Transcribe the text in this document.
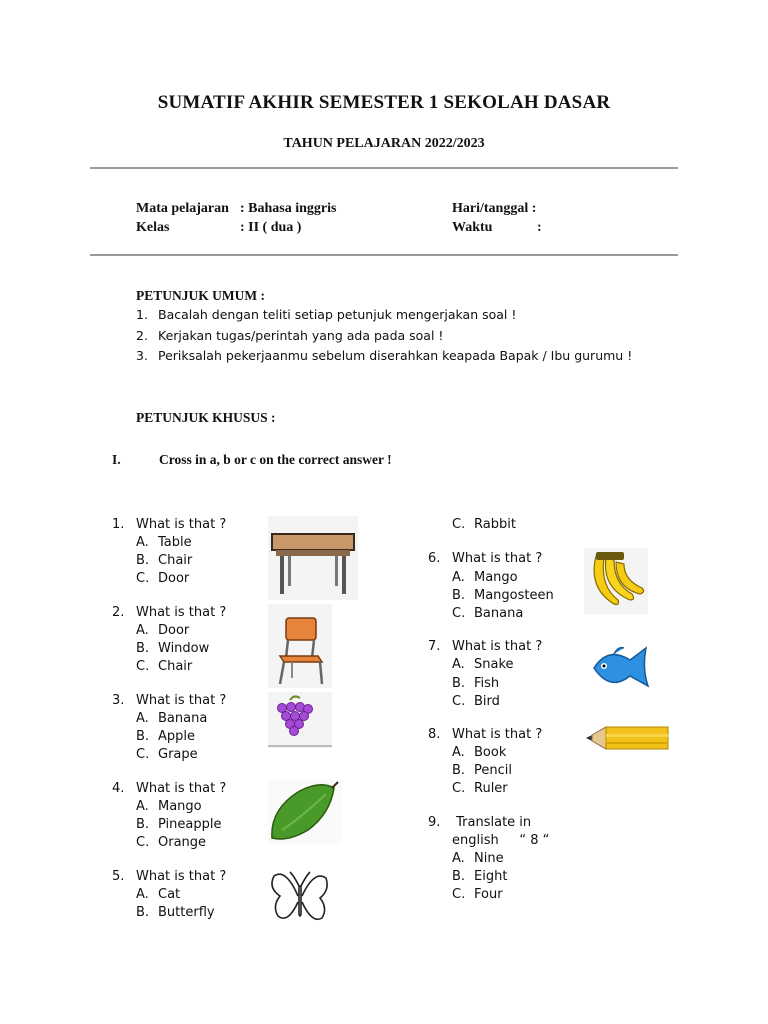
SUMATIF AKHIR SEMESTER 1 SEKOLAH DASAR
TAHUN PELAJARAN 2022/2023
Mata pelajaran : Bahasa inggris
Kelas	: II ( dua )
Hari/tanggal :
Waktu	:
PETUNJUK UMUM :
1. Bacalah dengan teliti setiap petunjuk mengerjakan soal !
2. Kerjakan tugas/perintah yang ada pada soal !
3. Periksalah pekerjaanmu sebelum diserahkan keapada Bapak / Ibu gurumu !
PETUNJUK KHUSUS :
I.	Cross in a, b or c on the correct answer !
1. What is that ?
A. Table
B. Chair
C. Door
2. What is that ?
A. Door
B. Window
C. Chair
3. What is that ?
A. Banana
B. Apple
C. Grape
4. What is that ?
A. Mango
B. Pineapple
C. Orange
5. What is that ?
A. Cat
B. Butterfly
C. Rabbit
6. What is that ?
A. Mango
B. Mangosteen
C. Banana
7. What is that ?
A. Snake
B. Fish
C. Bird
8. What is that ?
A. Book
B. Pencil
C. Ruler
9. Translate in
english     “ 8 “
A. Nine
B. Eight
C. Four
